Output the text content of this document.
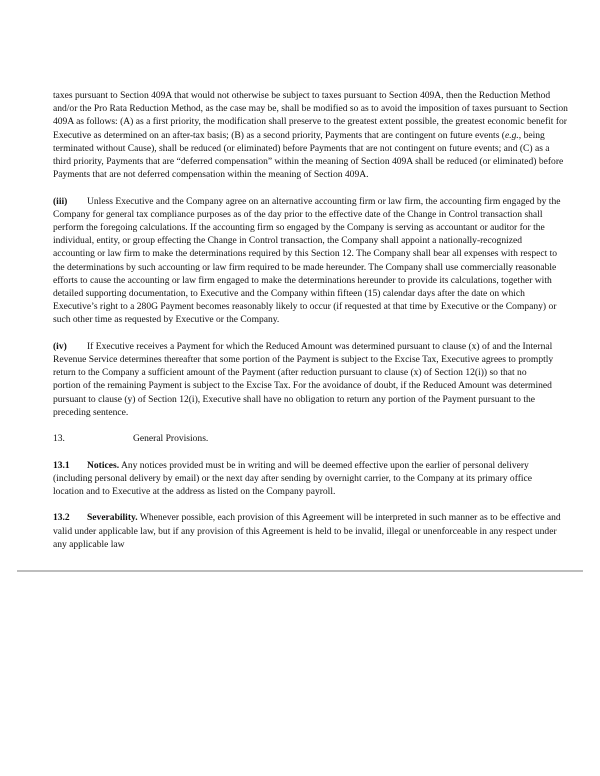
taxes pursuant to Section 409A that would not otherwise be subject to taxes pursuant to Section 409A, then the Reduction Method
and/or the Pro Rata Reduction Method, as the case may be, shall be modified so as to avoid the imposition of taxes pursuant to Section
409A as follows: (A) as a first priority, the modification shall preserve to the greatest extent possible, the greatest economic benefit for
Executive as determined on an after-tax basis; (B) as a second priority, Payments that are contingent on future events (e.g., being
terminated without Cause), shall be reduced (or eliminated) before Payments that are not contingent on future events; and (C) as a
third priority, Payments that are “deferred compensation” within the meaning of Section 409A shall be reduced (or eliminated) before
Payments that are not deferred compensation within the meaning of Section 409A.

(iii) Unless Executive and the Company agree on an alternative accounting firm or law firm, the accounting firm engaged by the
Company for general tax compliance purposes as of the day prior to the effective date of the Change in Control transaction shall
perform the foregoing calculations. If the accounting firm so engaged by the Company is serving as accountant or auditor for the
individual, entity, or group effecting the Change in Control transaction, the Company shall appoint a nationally-recognized
accounting or law firm to make the determinations required by this Section 12. The Company shall bear all expenses with respect to
the determinations by such accounting or law firm required to be made hereunder. The Company shall use commercially reasonable
efforts to cause the accounting or law firm engaged to make the determinations hereunder to provide its calculations, together with
detailed supporting documentation, to Executive and the Company within fifteen (15) calendar days after the date on which
Executive’s right to a 280G Payment becomes reasonably likely to occur (if requested at that time by Executive or the Company) or
such other time as requested by Executive or the Company.

(iv) If Executive receives a Payment for which the Reduced Amount was determined pursuant to clause (x) of and the Internal
Revenue Service determines thereafter that some portion of the Payment is subject to the Excise Tax, Executive agrees to promptly
return to the Company a sufficient amount of the Payment (after reduction pursuant to clause (x) of Section 12(i)) so that no
portion of the remaining Payment is subject to the Excise Tax. For the avoidance of doubt, if the Reduced Amount was determined
pursuant to clause (y) of Section 12(i), Executive shall have no obligation to return any portion of the Payment pursuant to the
preceding sentence.

13.	General Provisions.

13.1 Notices. Any notices provided must be in writing and will be deemed effective upon the earlier of personal delivery
(including personal delivery by email) or the next day after sending by overnight carrier, to the Company at its primary office
location and to Executive at the address as listed on the Company payroll.

13.2 Severability. Whenever possible, each provision of this Agreement will be interpreted in such manner as to be effective and
valid under applicable law, but if any provision of this Agreement is held to be invalid, illegal or unenforceable in any respect under
any applicable law
